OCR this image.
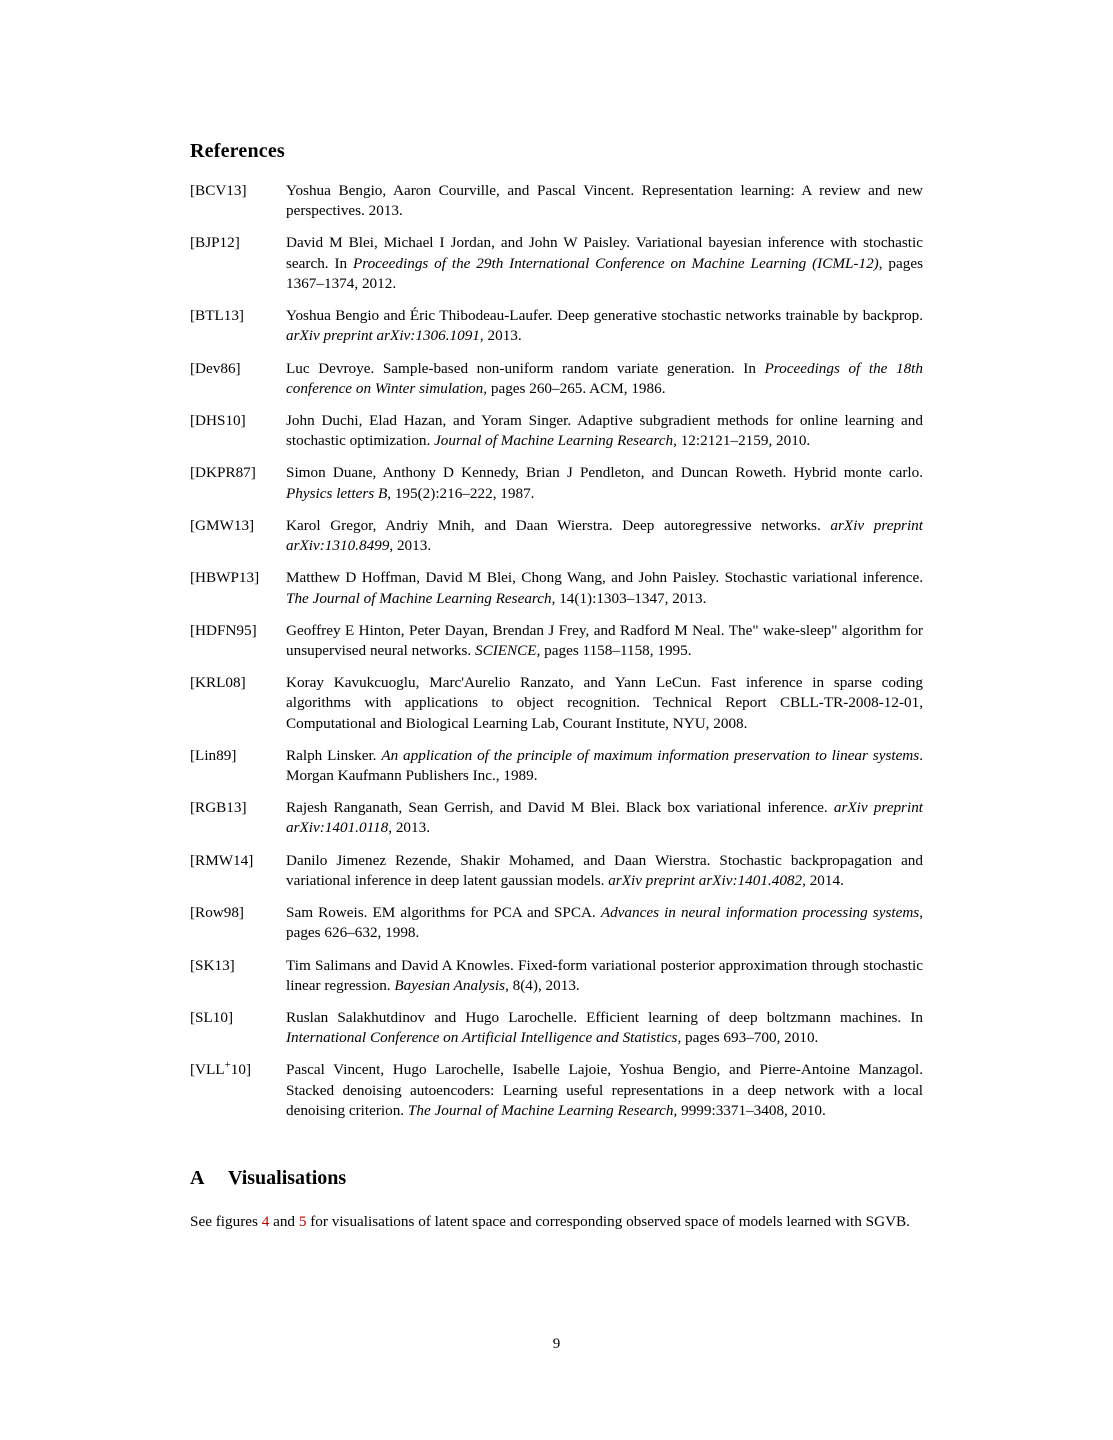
References
[BCV13]	Yoshua Bengio, Aaron Courville, and Pascal Vincent. Representation learning: A review and new perspectives. 2013.
[BJP12]	David M Blei, Michael I Jordan, and John W Paisley. Variational bayesian inference with stochastic search. In Proceedings of the 29th International Conference on Machine Learning (ICML-12), pages 1367–1374, 2012.
[BTL13]	Yoshua Bengio and Éric Thibodeau-Laufer. Deep generative stochastic networks trainable by backprop. arXiv preprint arXiv:1306.1091, 2013.
[Dev86]	Luc Devroye. Sample-based non-uniform random variate generation. In Proceedings of the 18th conference on Winter simulation, pages 260–265. ACM, 1986.
[DHS10]	John Duchi, Elad Hazan, and Yoram Singer. Adaptive subgradient methods for online learning and stochastic optimization. Journal of Machine Learning Research, 12:2121–2159, 2010.
[DKPR87]	Simon Duane, Anthony D Kennedy, Brian J Pendleton, and Duncan Roweth. Hybrid monte carlo. Physics letters B, 195(2):216–222, 1987.
[GMW13]	Karol Gregor, Andriy Mnih, and Daan Wierstra. Deep autoregressive networks. arXiv preprint arXiv:1310.8499, 2013.
[HBWP13]	Matthew D Hoffman, David M Blei, Chong Wang, and John Paisley. Stochastic variational inference. The Journal of Machine Learning Research, 14(1):1303–1347, 2013.
[HDFN95]	Geoffrey E Hinton, Peter Dayan, Brendan J Frey, and Radford M Neal. The" wake-sleep" algorithm for unsupervised neural networks. SCIENCE, pages 1158–1158, 1995.
[KRL08]	Koray Kavukcuoglu, Marc'Aurelio Ranzato, and Yann LeCun. Fast inference in sparse coding algorithms with applications to object recognition. Technical Report CBLL-TR-2008-12-01, Computational and Biological Learning Lab, Courant Institute, NYU, 2008.
[Lin89]	Ralph Linsker. An application of the principle of maximum information preservation to linear systems. Morgan Kaufmann Publishers Inc., 1989.
[RGB13]	Rajesh Ranganath, Sean Gerrish, and David M Blei. Black box variational inference. arXiv preprint arXiv:1401.0118, 2013.
[RMW14]	Danilo Jimenez Rezende, Shakir Mohamed, and Daan Wierstra. Stochastic backpropagation and variational inference in deep latent gaussian models. arXiv preprint arXiv:1401.4082, 2014.
[Row98]	Sam Roweis. EM algorithms for PCA and SPCA. Advances in neural information processing systems, pages 626–632, 1998.
[SK13]	Tim Salimans and David A Knowles. Fixed-form variational posterior approximation through stochastic linear regression. Bayesian Analysis, 8(4), 2013.
[SL10]	Ruslan Salakhutdinov and Hugo Larochelle. Efficient learning of deep boltzmann machines. In International Conference on Artificial Intelligence and Statistics, pages 693–700, 2010.
[VLL+10]	Pascal Vincent, Hugo Larochelle, Isabelle Lajoie, Yoshua Bengio, and Pierre-Antoine Manzagol. Stacked denoising autoencoders: Learning useful representations in a deep network with a local denoising criterion. The Journal of Machine Learning Research, 9999:3371–3408, 2010.
A Visualisations

See figures 4 and 5 for visualisations of latent space and corresponding observed space of models learned with SGVB.

9
